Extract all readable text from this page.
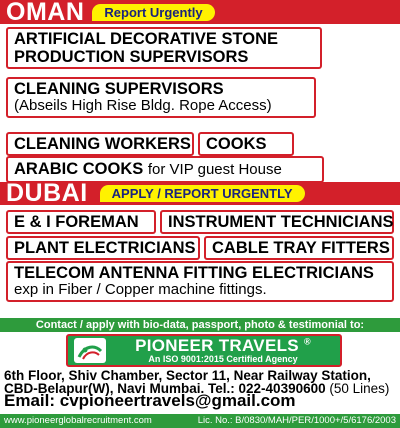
OMAN	Report Urgently
ARTIFICIAL DECORATIVE STONE
PRODUCTION SUPERVISORS
CLEANING SUPERVISORS
(Abseils High Rise Bldg. Rope Access)
CLEANING WORKERS COOKS
ARABIC COOKS for VIP guest House
DUBAI	APPLY / REPORT URGENTLY
E & I FOREMAN	INSTRUMENT TECHNICIANS
PLANT ELECTRICIANS	CABLE TRAY FITTERS
TELECOM ANTENNA FITTING ELECTRICIANS
exp in Fiber / Copper machine fittings.
Contact / apply with bio-data, passport, photo & testimonial to:
PIONEER TRAVELS ®
An ISO 9001:2015 Certified Agency
6th Floor, Shiv Chamber, Sector 11, Near Railway Station,
CBD-Belapur(W), Navi Mumbai. Tel.: 022-40390600 (50 Lines)
Email: cvpioneertravels@gmail.com
www.pioneerglobalrecruitment.com	Lic. No.: B/0830/MAH/PER/1000+/5/6176/2003
